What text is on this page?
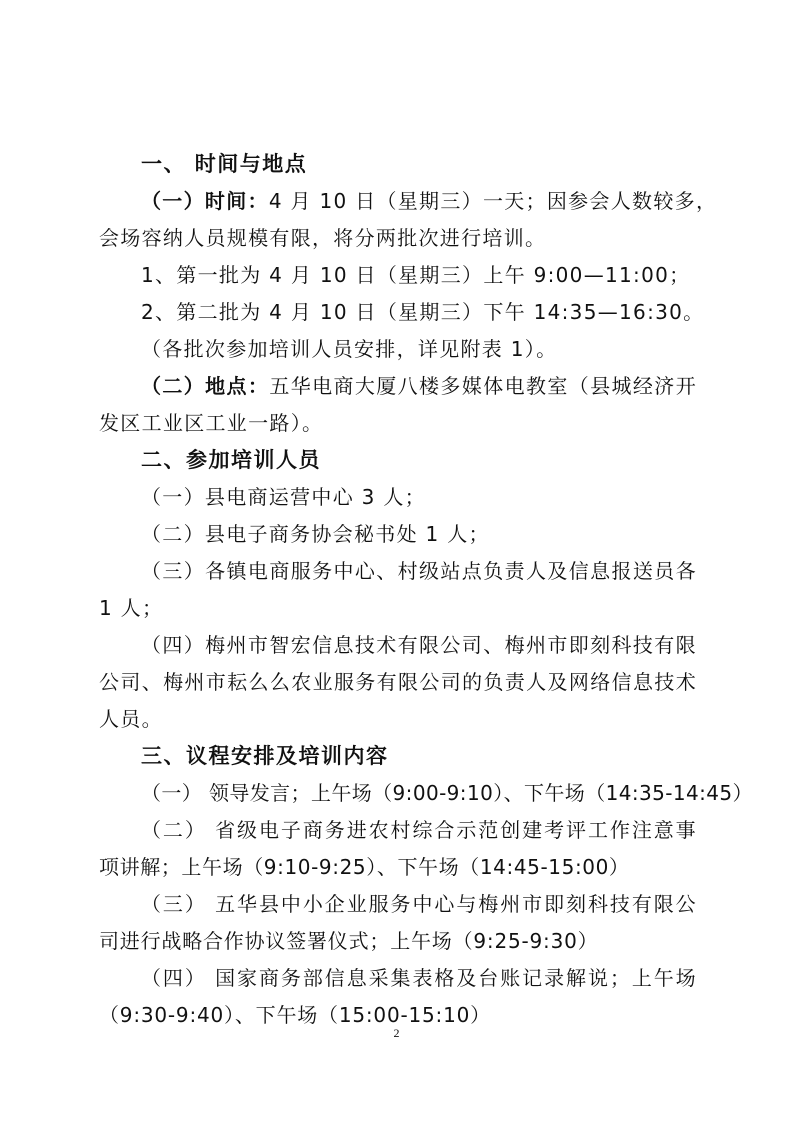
一、 时间与地点
（一）时间：4 月 10 日（星期三）一天；因参会人数较多，
会场容纳人员规模有限，将分两批次进行培训。
1、第一批为 4 月 10 日（星期三）上午 9:00—11:00；
2、第二批为 4 月 10 日（星期三）下午 14:35—16:30。
（各批次参加培训人员安排，详见附表 1）。
（二）地点：五华电商大厦八楼多媒体电教室（县城经济开
发区工业区工业一路）。
二、参加培训人员
（一）县电商运营中心 3 人；
（二）县电子商务协会秘书处 1 人；
（三）各镇电商服务中心、村级站点负责人及信息报送员各
1 人；
（四）梅州市智宏信息技术有限公司、梅州市即刻科技有限
公司、梅州市耘么么农业服务有限公司的负责人及网络信息技术
人员。
三、议程安排及培训内容
（一） 领导发言；上午场（9:00-9:10）、下午场（14:35-14:45）
（二） 省级电子商务进农村综合示范创建考评工作注意事
项讲解；上午场（9:10-9:25）、下午场（14:45-15:00）
（三） 五华县中小企业服务中心与梅州市即刻科技有限公
司进行战略合作协议签署仪式；上午场（9:25-9:30）
（四） 国家商务部信息采集表格及台账记录解说；上午场
（9:30-9:40）、下午场（15:00-15:10）
2
